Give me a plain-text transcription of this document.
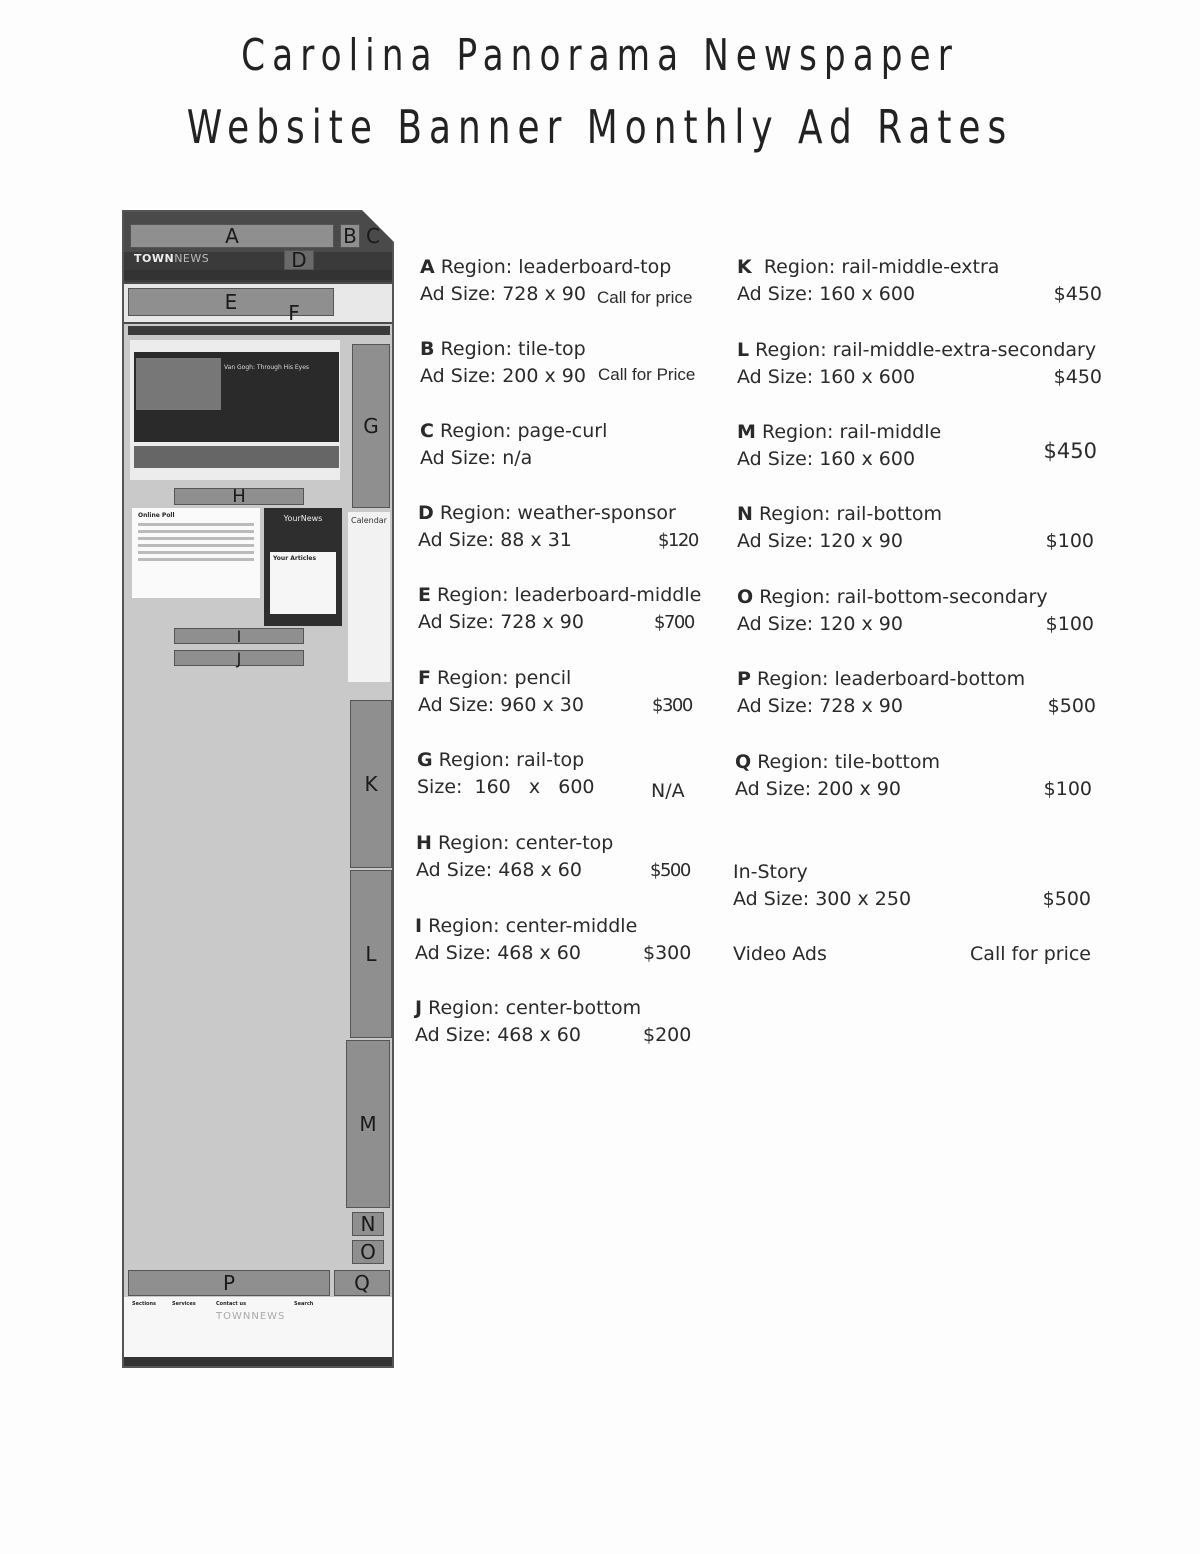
Carolina Panorama Newspaper
Website Banner Monthly Ad Rates
TOWNNEWS
A	B C
D
E	F
Van Gogh: Through His Eyes
G
H
Online Poll	YourNews
Your Articles
Calendar
I
J
K
L
M
N
O
P	Q
Sections	Services	Contact us	Search
TOWNNEWS
A Region: leaderboard-top
Ad Size: 728 x 90 Call for price
B Region: tile-top
Ad Size: 200 x 90 Call for Price
C Region: page-curl
Ad Size: n/a
D Region: weather-sponsor
Ad Size: 88 x 31	$120
E Region: leaderboard-middle
Ad Size: 728 x 90	$700
F Region: pencil
Ad Size: 960 x 30	$300
G Region: rail-top
Size:  160   x   600	N/A
H Region: center-top
Ad Size: 468 x 60	$500
I Region: center-middle
Ad Size: 468 x 60	$300
J Region: center-bottom
Ad Size: 468 x 60	$200
K Region: rail-middle-extra
Ad Size: 160 x 600	$450
L Region: rail-middle-extra-secondary
Ad Size: 160 x 600	$450
M Region: rail-middle
Ad Size: 160 x 600	$450
N Region: rail-bottom
Ad Size: 120 x 90	$100
O Region: rail-bottom-secondary
Ad Size: 120 x 90	$100
P Region: leaderboard-bottom
Ad Size: 728 x 90	$500
Q Region: tile-bottom
Ad Size: 200 x 90	$100
In-Story
Ad Size: 300 x 250	$500
Video Ads	Call for price
